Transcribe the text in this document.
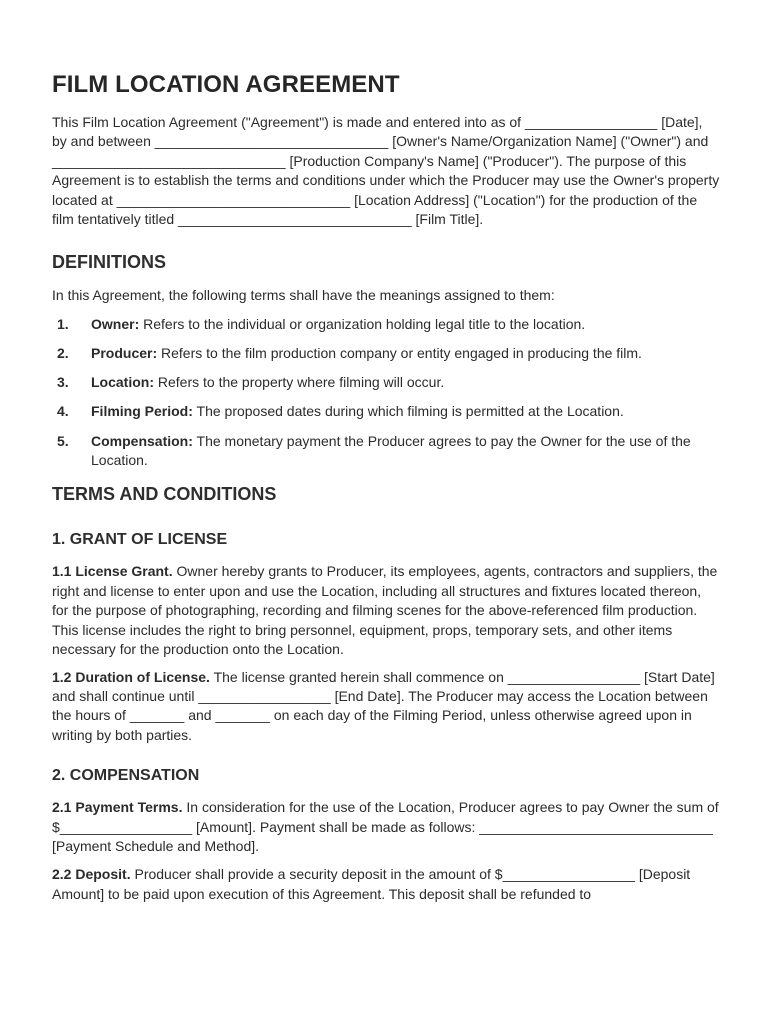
FILM LOCATION AGREEMENT

This Film Location Agreement ("Agreement") is made and entered into as of _________________ [Date], by and between ______________________________ [Owner's Name/Organization Name] ("Owner") and ______________________________ [Production Company's Name] ("Producer"). The purpose of this Agreement is to establish the terms and conditions under which the Producer may use the Owner's property located at ______________________________ [Location Address] ("Location") for the production of the film tentatively titled ______________________________ [Film Title].

DEFINITIONS

In this Agreement, the following terms shall have the meanings assigned to them:

1. Owner: Refers to the individual or organization holding legal title to the location.
2. Producer: Refers to the film production company or entity engaged in producing the film.
3. Location: Refers to the property where filming will occur.
4. Filming Period: The proposed dates during which filming is permitted at the Location.
5. Compensation: The monetary payment the Producer agrees to pay the Owner for the use of the Location.
TERMS AND CONDITIONS
1. GRANT OF LICENSE

1.1 License Grant. Owner hereby grants to Producer, its employees, agents, contractors and suppliers, the right and license to enter upon and use the Location, including all structures and fixtures located thereon, for the purpose of photographing, recording and filming scenes for the above-referenced film production. This license includes the right to bring personnel, equipment, props, temporary sets, and other items necessary for the production onto the Location.

1.2 Duration of License. The license granted herein shall commence on _________________ [Start Date] and shall continue until _________________ [End Date]. The Producer may access the Location between the hours of _______ and _______ on each day of the Filming Period, unless otherwise agreed upon in writing by both parties.

2. COMPENSATION

2.1 Payment Terms. In consideration for the use of the Location, Producer agrees to pay Owner the sum of $_________________ [Amount]. Payment shall be made as follows: ______________________________ [Payment Schedule and Method].

2.2 Deposit. Producer shall provide a security deposit in the amount of $_________________ [Deposit Amount] to be paid upon execution of this Agreement. This deposit shall be refunded to
